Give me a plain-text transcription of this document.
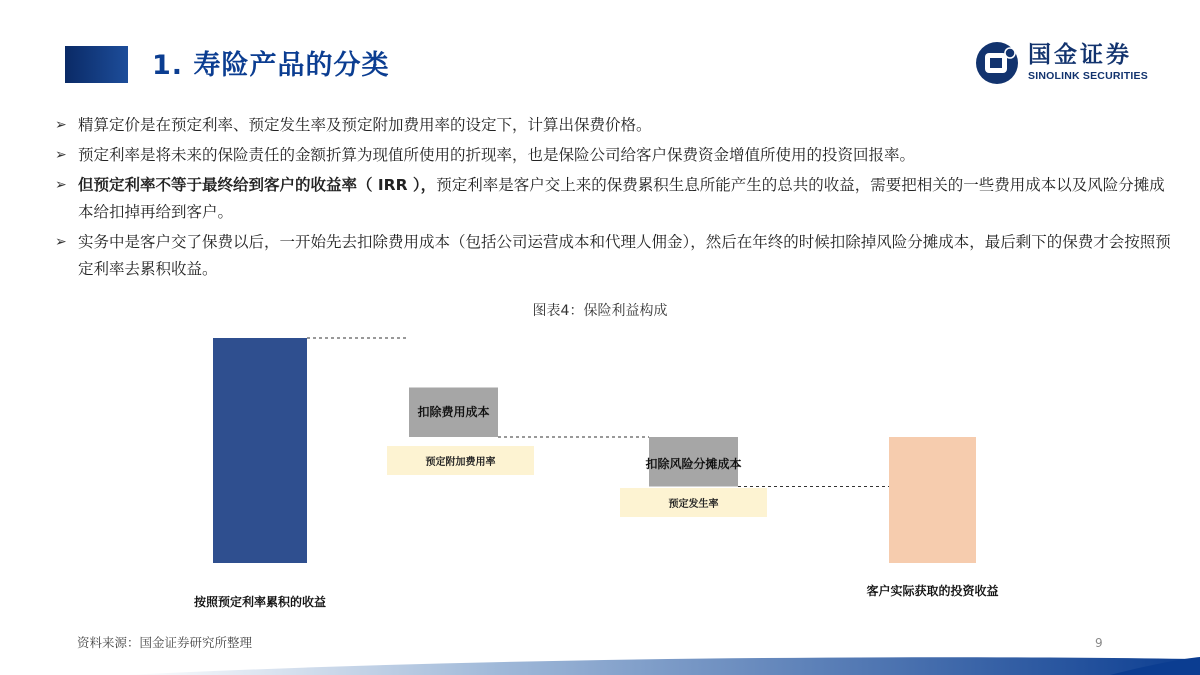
1. 寿险产品的分类	国金证券
SINOLINK SECURITIES
➢ 精算定价是在预定利率、预定发生率及预定附加费用率的设定下，计算出保费价格。
➢ 预定利率是将未来的保险责任的金额折算为现值所使用的折现率，也是保险公司给客户保费资金增值所使用的投资回报率。
➢ 但预定利率不等于最终给到客户的收益率（ IRR ），预定利率是客户交上来的保费累积生息所能产生的总共的收益，需要把相关的一些费用成本以及风险分摊成本给扣掉再给到客户。
➢ 实务中是客户交了保费以后，一开始先去扣除费用成本（包括公司运营成本和代理人佣金），然后在年终的时候扣除掉风险分摊成本，最后剩下的保费才会按照预定利率去累积收益。
图表4：保险利益构成
按照预定利率累积的收益
扣除费用成本
预定附加费用率	扣除风险分摊成本
预定发生率
客户实际获取的投资收益
资料来源：国金证券研究所整理	9
